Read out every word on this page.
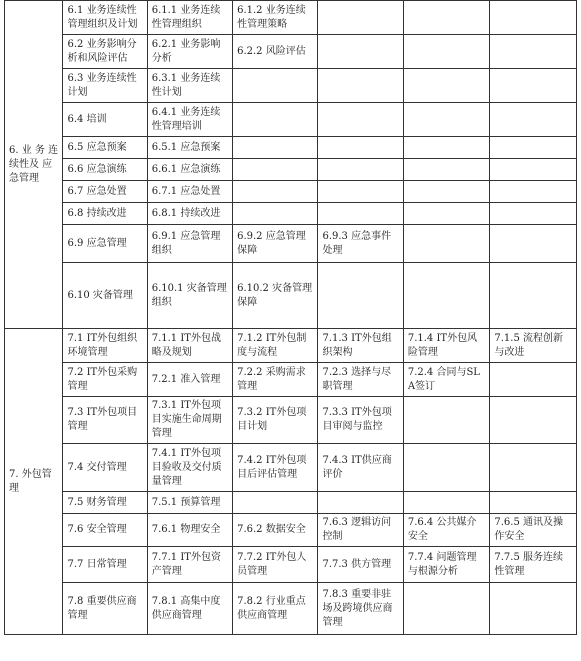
6. 业 务 连续性及 应急管理	6.1 业务连续性管理组织及计划	6.1.1 业务连续性管理组织	6.1.2 业务连续性管理策略			
	6.2 业务影响分析和风险评估	6.2.1 业务影响分析	6.2.2 风险评估			
	6.3 业务连续性计划	6.3.1 业务连续性计划				
	6.4 培训	6.4.1 业务连续性管理培训				
	6.5 应急预案	6.5.1 应急预案				
	6.6 应急演练	6.6.1 应急演练				
	6.7 应急处置	6.7.1 应急处置				
	6.8 持续改进	6.8.1 持续改进				
	6.9 应急管理	6.9.1 应急管理组织	6.9.2 应急管理保障	6.9.3 应急事件处理		
	6.10 灾备管理	6.10.1 灾备管理组织	6.10.2 灾备管理保障			
7. 外包管理	7.1 IT外包组织环境管理	7.1.1 IT外包战略及规划	7.1.2 IT外包制度与流程	7.1.3 IT外包组织架构	7.1.4 IT外包风险管理	7.1.5 流程创新与改进
	7.2 IT外包采购管理	7.2.1 准入管理	7.2.2 采购需求管理	7.2.3 选择与尽职管理	7.2.4 合同与SLA签订	
	7.3 IT外包项目管理	7.3.1 IT外包项目实施生命周期管理	7.3.2 IT外包项目计划	7.3.3 IT外包项目审阅与监控		
	7.4 交付管理	7.4.1 IT外包项目验收及交付质量管理	7.4.2 IT外包项目后评估管理	7.4.3 IT供应商评价		
	7.5 财务管理	7.5.1 预算管理				
	7.6 安全管理	7.6.1 物理安全	7.6.2 数据安全	7.6.3 逻辑访问控制	7.6.4 公共媒介安全	7.6.5 通讯及操作安全
	7.7 日常管理	7.7.1 IT外包资产管理	7.7.2 IT外包人员管理	7.7.3 供方管理	7.7.4 问题管理与根源分析	7.7.5 服务连续性管理
	7.8 重要供应商管理	7.8.1 高集中度供应商管理	7.8.2 行业重点供应商管理	7.8.3 重要非驻场及跨境供应商管理		
